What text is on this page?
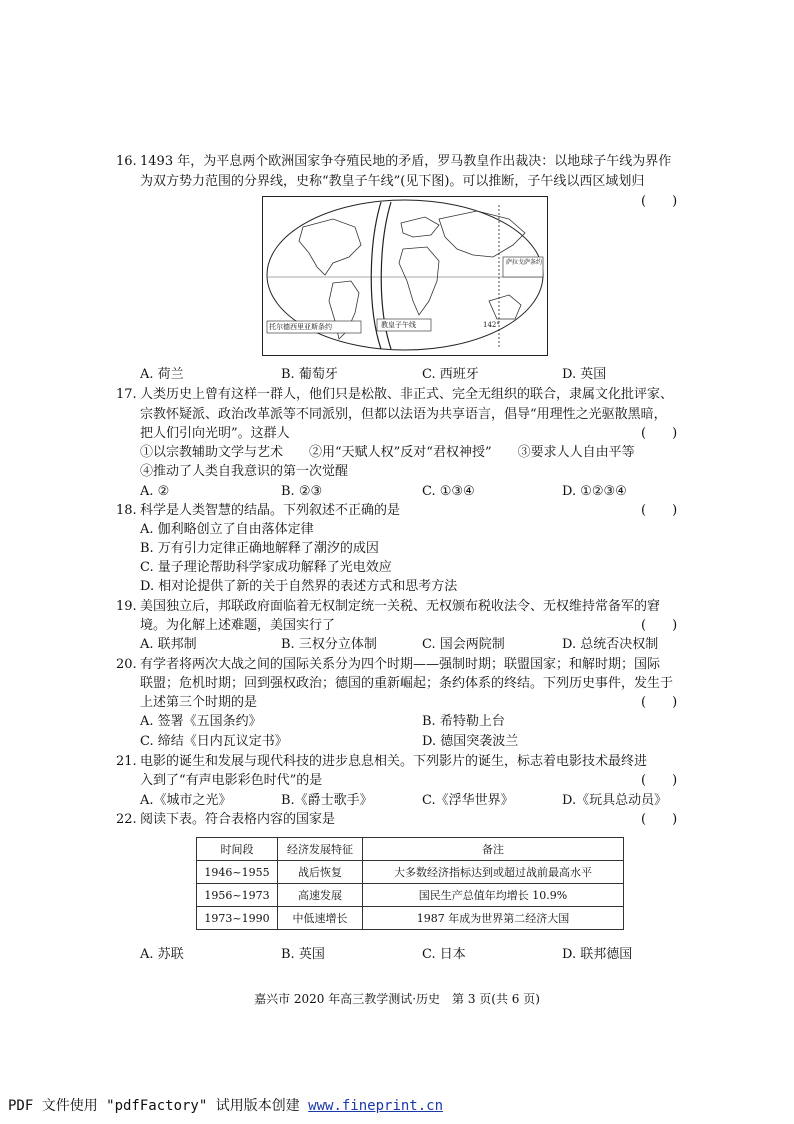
16. 1493 年，为平息两个欧洲国家争夺殖民地的矛盾，罗马教皇作出裁决：以地球子午线为界作
为双方势力范围的分界线，史称“教皇子午线”(见下图)。可以推断，子午线以西区域划归
(　　)
萨拉戈萨条约
托尔德西里亚斯条约	教皇子午线	142°
A. 荷兰	B. 葡萄牙	C. 西班牙	D. 英国
17. 人类历史上曾有这样一群人，他们只是松散、非正式、完全无组织的联合，隶属文化批评家、
宗教怀疑派、政治改革派等不同派别，但都以法语为共享语言，倡导“用理性之光驱散黑暗，
把人们引向光明”。这群人	(　　)
①以宗教辅助文学与艺术　　②用“天赋人权”反对“君权神授”　　③要求人人自由平等
④推动了人类自我意识的第一次觉醒
A. ②	B. ②③	C. ①③④	D. ①②③④
18. 科学是人类智慧的结晶。下列叙述不正确的是	(　　)
A. 伽利略创立了自由落体定律
B. 万有引力定律正确地解释了潮汐的成因
C. 量子理论帮助科学家成功解释了光电效应
D. 相对论提供了新的关于自然界的表述方式和思考方法
19. 美国独立后，邦联政府面临着无权制定统一关税、无权颁布税收法令、无权维持常备军的窘
境。为化解上述难题，美国实行了	(　　)
A. 联邦制	B. 三权分立体制	C. 国会两院制	D. 总统否决权制
20. 有学者将两次大战之间的国际关系分为四个时期——强制时期；联盟国家；和解时期；国际
联盟；危机时期；回到强权政治；德国的重新崛起；条约体系的终结。下列历史事件，发生于
上述第三个时期的是	(　　)
A. 签署《五国条约》	B. 希特勒上台
C. 缔结《日内瓦议定书》	D. 德国突袭波兰
21. 电影的诞生和发展与现代科技的进步息息相关。下列影片的诞生，标志着电影技术最终进
入到了“有声电影彩色时代”的是	(　　)
A.《城市之光》	B.《爵士歌手》	C.《浮华世界》	D.《玩具总动员》
22. 阅读下表。符合表格内容的国家是	(　　)
时间段	经济发展特征	备注
1946~1955	战后恢复	大多数经济指标达到或超过战前最高水平
1956~1973	高速发展	国民生产总值年均增长 10.9%
1973~1990	中低速增长	1987 年成为世界第二经济大国
A. 苏联	B. 英国	C. 日本	D. 联邦德国
嘉兴市 2020 年高三教学测试·历史　第 3 页(共 6 页)
PDF 文件使用 "pdfFactory" 试用版本创建 www.fineprint.cn
